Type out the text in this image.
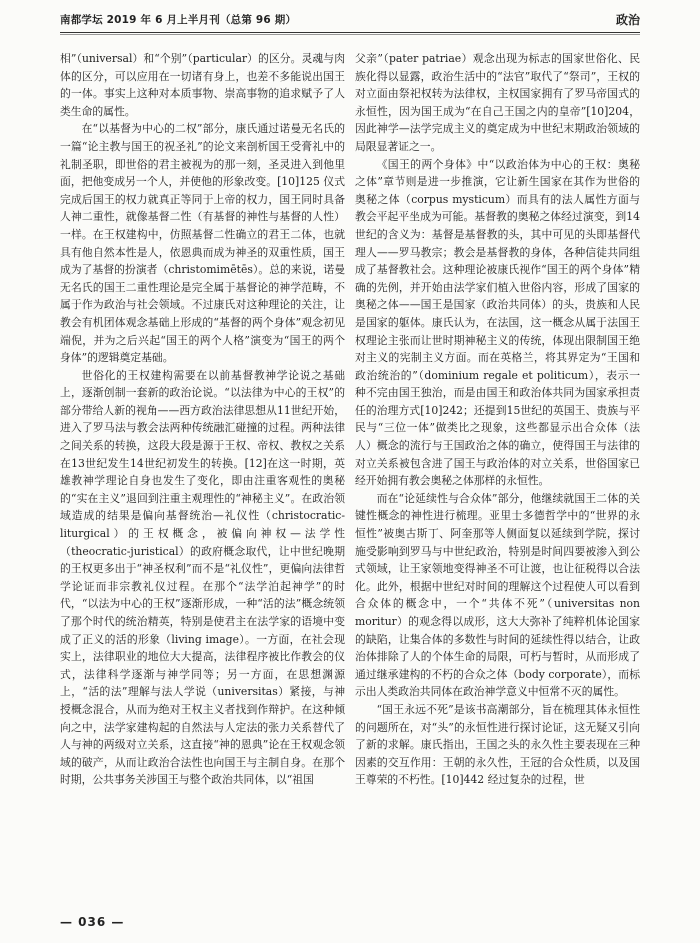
南都学坛 2019 年 6 月上半月刊（总第 96 期）	政治

相”（universal）和“个别”（particular）的区分。灵魂与肉体的区分，可以应用在一切诸有身上，也差不多能说出国王的一体。事实上这种对本质事物、崇高事物的追求赋予了人类生命的属性。

在“以基督为中心的二权”部分，康氏通过诺曼无名氏的一篇“论主教与国王的祝圣礼”的论文来剖析国王受膏礼中的礼制圣职，即世俗的君主被视为的那一刻，圣灵进入到他里面，把他变成另一个人，并使他的形象改变。[10]125 仪式完成后国王的权力就真正等同于上帝的权力，国王同时具备人神二重性，就像基督二性（有基督的神性与基督的人性）一样。在王权建构中，仿照基督二性确立的君王二体，也就具有他自然本性是人，依恩典而成为神圣的双重性质，国王成为了基督的扮演者（christomimētēs）。总的来说，诺曼无名氏的国王二重性理论是完全属于基督论的神学范畴，不属于作为政治与社会领域。不过康氏对这种理论的关注，让教会有机团体观念基础上形成的“基督的两个身体”观念初见端倪，并为之后兴起“国王的两个人格”演变为“国王的两个身体”的逻辑奠定基础。

世俗化的王权建构需要在以前基督教神学论说之基础上，逐渐创制一套新的政治论说。“以法律为中心的王权”的部分带给人新的视角——西方政治法律思想从11世纪开始，进入了罗马法与教会法两种传统融汇碰撞的过程。两种法律之间关系的转换，这段大段是源于王权、帝权、教权之关系在13世纪发生14世纪初发生的转换。[12]在这一时期，英雄教神学理论自身也发生了变化，即由注重客观性的奥秘的“实在主义”退回到注重主观理性的“神秘主义”。在政治领域造成的结果是偏向基督统治—礼仪性（christocratic-liturgical）的王权概念，被偏向神权—法学性（theocratic-juristical）的政府概念取代，让中世纪晚期的王权更多出于“神圣权利”而不是“礼仪性”，更偏向法律哲学论证而非宗教礼仪过程。在那个“法学泊起神学”的时代，“以法为中心的王权”逐渐形成，一种“活的法”概念统领了那个时代的统治精英，特别是使君主在法学家的语境中变成了正义的活的形象（living image）。一方面，在社会现实上，法律职业的地位大大提高，法律程序被比作教会的仪式，法律科学逐渐与神学同等；另一方面，在思想渊源上，“活的法”理解与法人学说（universitas）紧接，与神授概念混合，从而为绝对王权主义者找到作辩护。在这种倾向之中，法学家建构起的自然法与人定法的张力关系替代了人与神的两级对立关系，这直接“神的恩典”论在王权观念领域的破产，从而让政治合法性也向国王与主制自身。在那个时期，公共事务关涉国王与整个政治共同体，以“祖国

父亲”（pater patriae）观念出现为标志的国家世俗化、民族化得以显露，政治生活中的“法官”取代了“祭司”，王权的对立面由祭祀权转为法律权，主权国家拥有了罗马帝国式的永恒性，因为国王成为“在自己王国之内的皇帝”[10]204，因此神学—法学完成主义的奠定成为中世纪末期政治领域的局限显著证之一。

《国王的两个身体》中“以政治体为中心的王权：奥秘之体”章节则是进一步推演，它让新生国家在其作为世俗的奥秘之体（corpus mysticum）而具有的法人属性方面与教会平起平坐成为可能。基督教的奥秘之体经过演变，到14世纪的含义为：基督是基督教的头，其中可见的头即基督代理人——罗马教宗；教会是基督教的身体，各种信徒共同组成了基督教社会。这种理论被康氏视作“国王的两个身体”精确的先例，并开始由法学家们植入世俗内容，形成了国家的奥秘之体——国王是国家（政治共同体）的头，贵族和人民是国家的躯体。康氏认为，在法国，这一概念从属于法国王权理论主张而让世时期神秘主义的传统，体现出限制国王绝对主义的宪制主义方面。而在英格兰，将其界定为“王国和政治统治的”（dominium regale et politicum），表示一种不完由国王独治，而是由国王和政治体共同为国家承担责任的治理方式[10]242；还提到15世纪的英国王、贵族与平民与“三位一体”做类比之现象，这些都显示出合众体（法人）概念的流行与王国政治之体的确立，使得国王与法律的对立关系被包含进了国王与政治体的对立关系，世俗国家已经开始拥有教会奥秘之体那样的永恒性。

而在“论延续性与合众体”部分，他继续就国王二体的关键性概念的神性进行梳理。亚里士多德哲学中的“世界的永恒性”被奥古斯丁、阿奎那等人侧面复以延续到学院，探讨施受影响到罗马与中世纪政治，特别是时间四要被渗入到公式领域，让王家领地变得神圣不可让渡，也让征税得以合法化。此外，根据中世纪对时间的理解这个过程使人可以看到合众体的概念中，一个“共体不死”（universitas non moritur）的观念得以成形，这大大弥补了纯粹机体论国家的缺陷，让集合体的多数性与时间的延续性得以结合，让政治体排除了人的个体生命的局限，可朽与暂时，从而形成了通过继承建构的不朽的合众之体（body corporate），而标示出人类政治共同体在政治神学意义中恒常不灭的属性。

“国王永远不死”是该书高潮部分，旨在梳理其体永恒性的问题所在，对“头”的永恒性进行探讨论证，这无疑又引向了新的求解。康氏指出，王国之头的永久性主要表现在三种因素的交互作用：王朝的永久性，王冠的合众性质，以及国王尊荣的不朽性。[10]442 经过复杂的过程，世

— 036 —
